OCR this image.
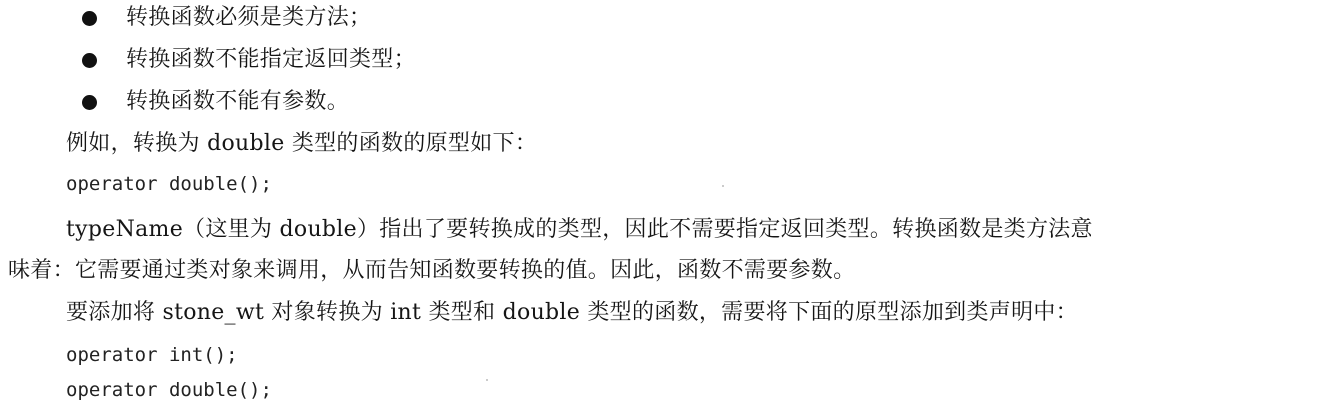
转换函数必须是类方法；
转换函数不能指定返回类型；
转换函数不能有参数。
例如，转换为 double 类型的函数的原型如下：
operator double();
typeName（这里为 double）指出了要转换成的类型，因此不需要指定返回类型。转换函数是类方法意
味着：它需要通过类对象来调用，从而告知函数要转换的值。因此，函数不需要参数。
要添加将 stone_wt 对象转换为 int 类型和 double 类型的函数，需要将下面的原型添加到类声明中：
operator int();
operator double();
